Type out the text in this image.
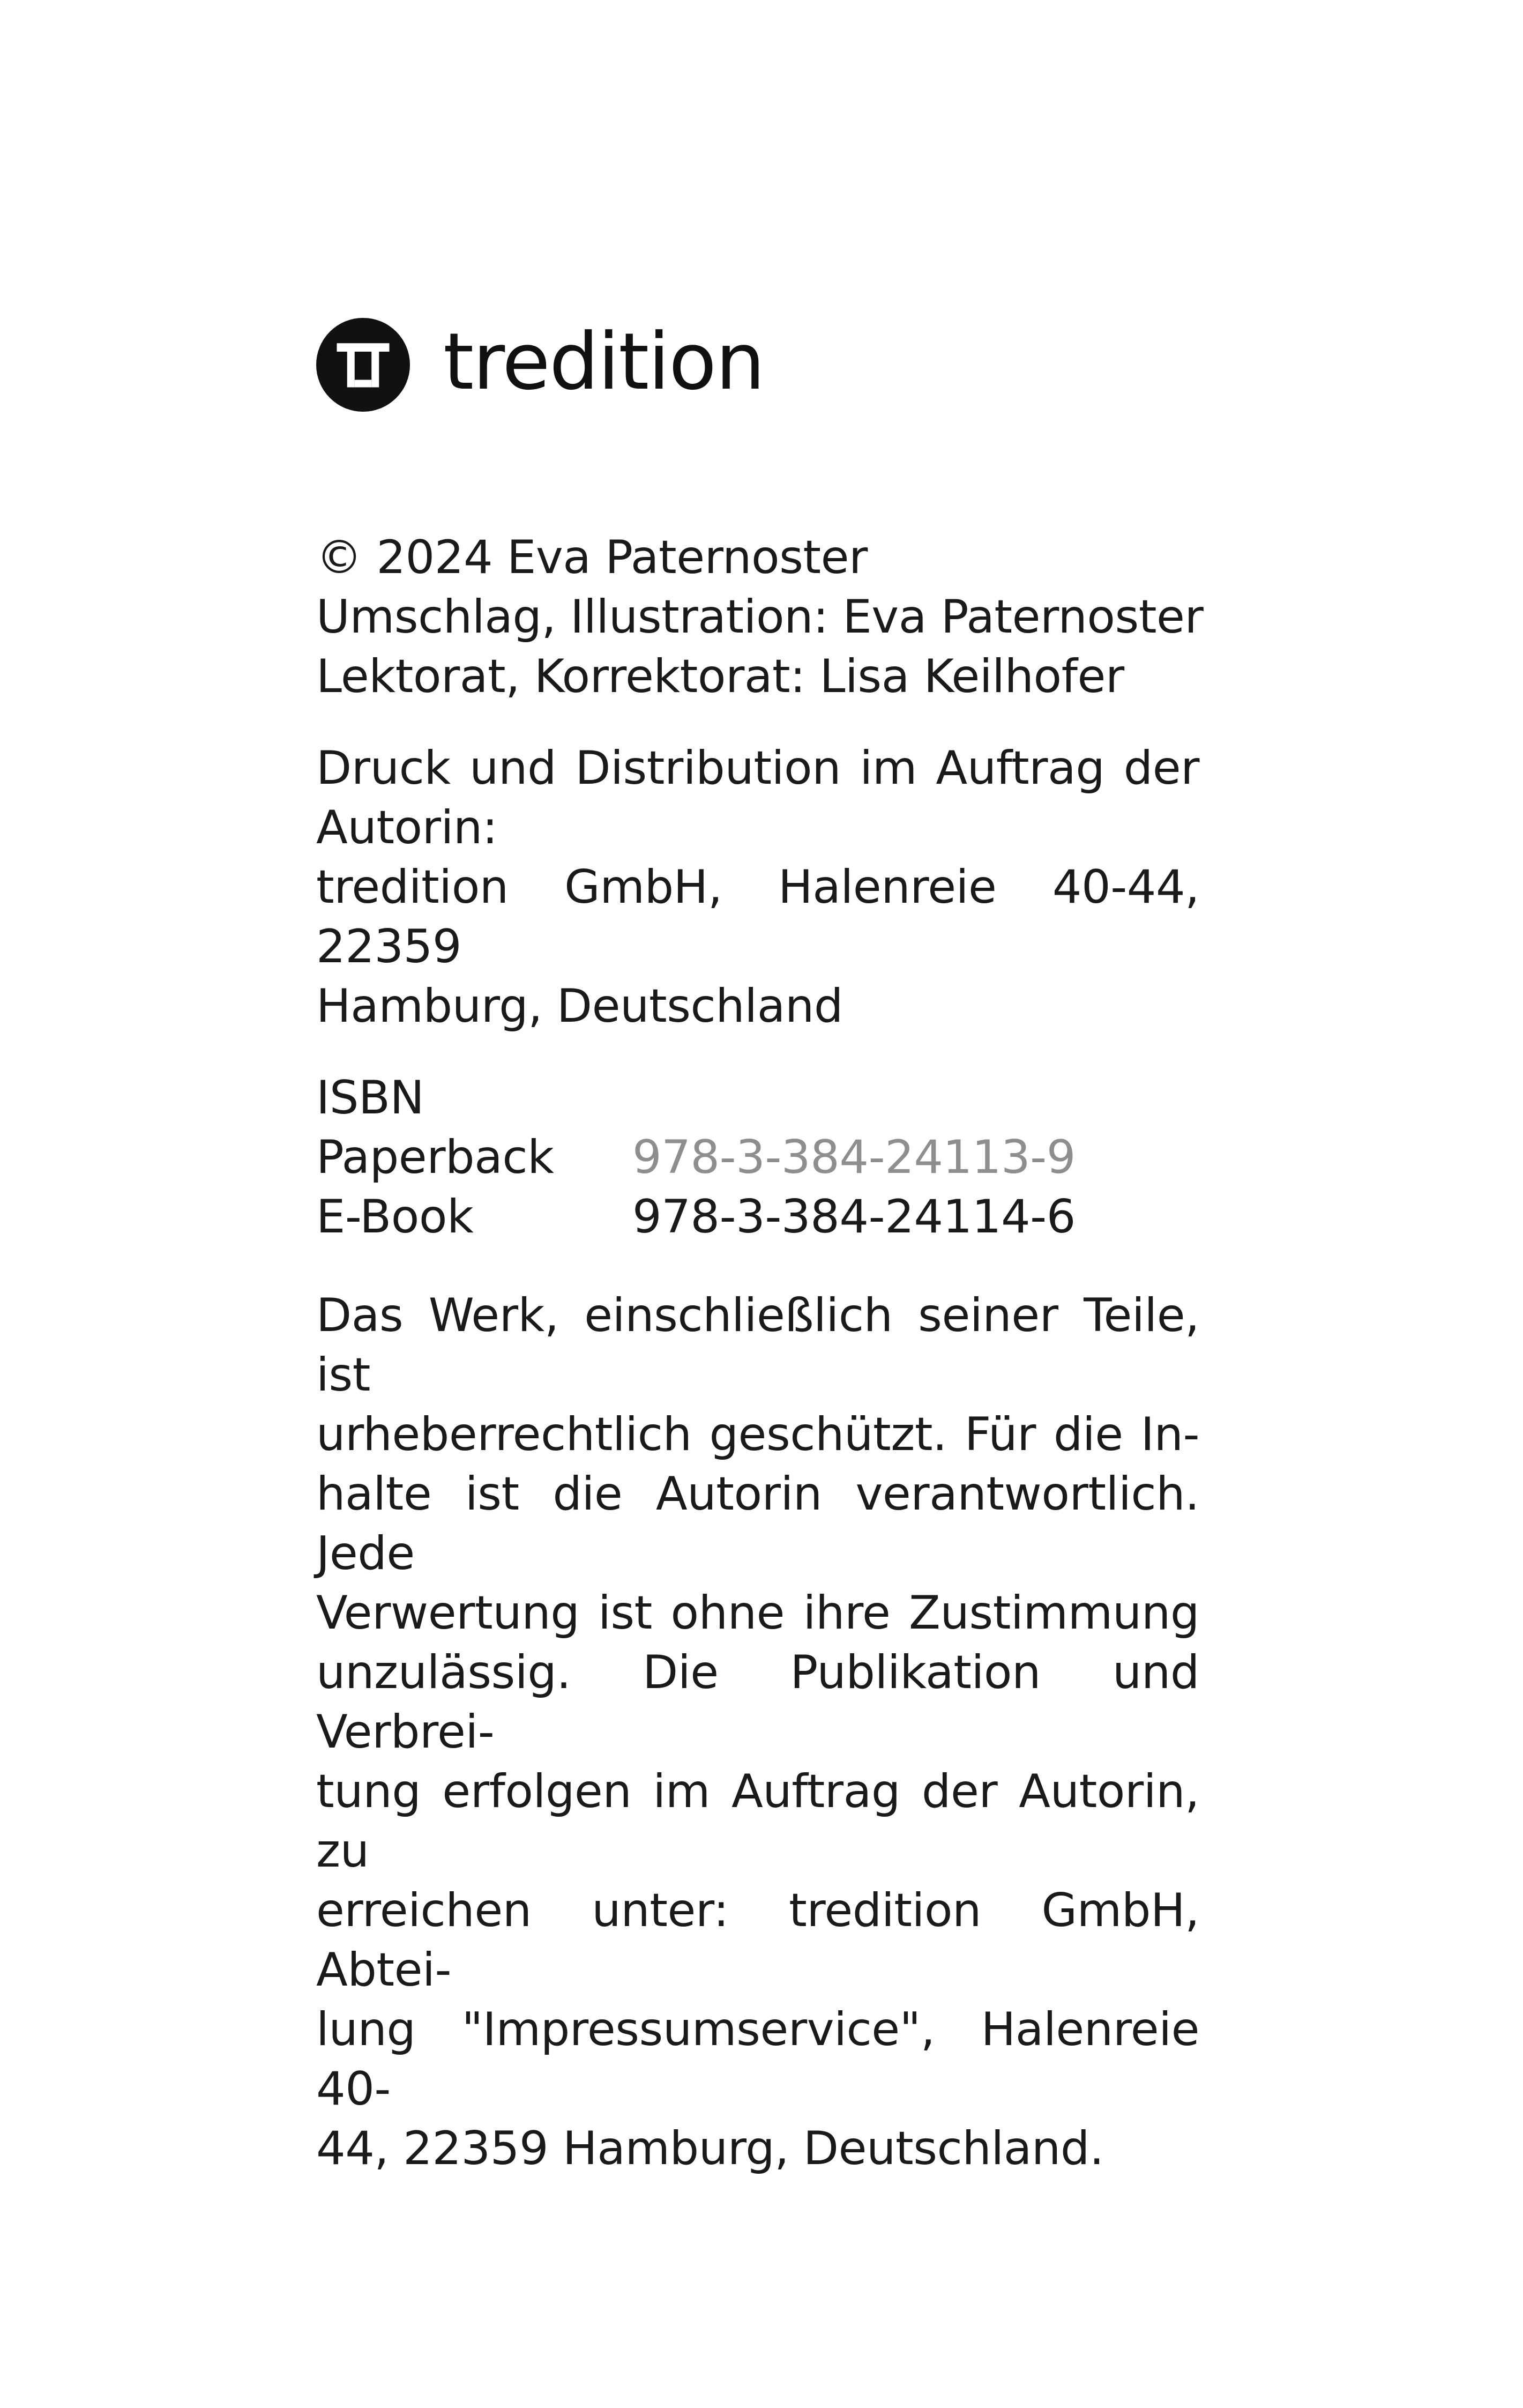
tredition
© 2024 Eva Paternoster
Umschlag, Illustration: Eva Paternoster
Lektorat, Korrektorat: Lisa Keilhofer
Druck und Distribution im Auftrag der
Autorin:
tredition GmbH, Halenreie 40-44, 22359
Hamburg, Deutschland
ISBN
Paperback	978-3-384-24113-9
E-Book	978-3-384-24114-6
Das Werk, einschließlich seiner Teile, ist
urheberrechtlich geschützt. Für die In-
halte ist die Autorin verantwortlich. Jede
Verwertung ist ohne ihre Zustimmung
unzulässig. Die Publikation und Verbrei-
tung erfolgen im Auftrag der Autorin, zu
erreichen unter: tredition GmbH, Abtei-
lung "Impressumservice", Halenreie 40-
44, 22359 Hamburg, Deutschland.
